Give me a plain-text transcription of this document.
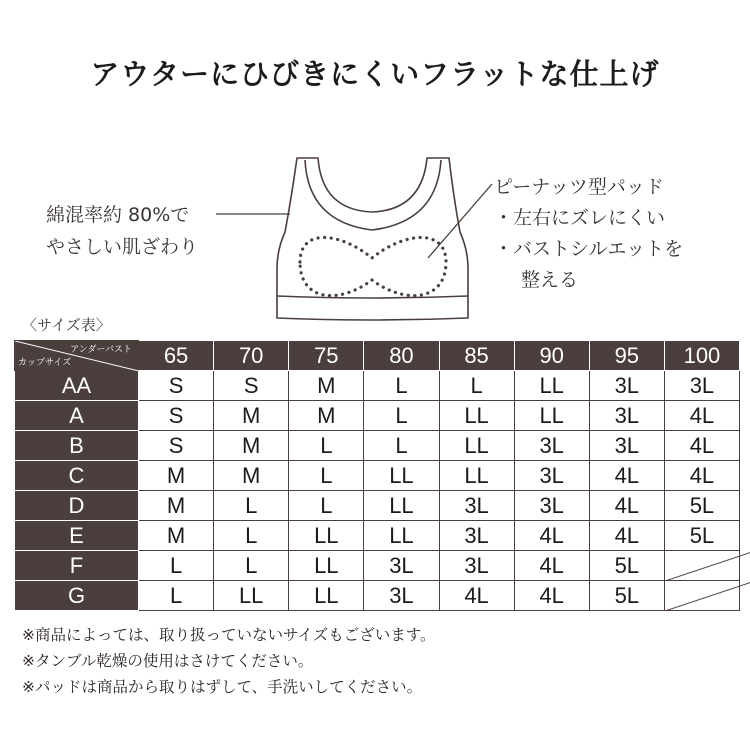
アウターにひびきにくいフラットな仕上げ
綿混率約 80%で
やさしい肌ざわり
ピーナッツ型パッド
・左右にズレにくい
・バストシルエットを
整える
〈サイズ表〉
アンダーバスト
カップサイズ	65	70	75	80	85	90	95	100
AA	S	S	M	L	L	LL	3L	3L
A	S	M	M	L	LL	LL	3L	4L
B	S	M	L	L	LL	3L	3L	4L
C	M	M	L	LL	LL	3L	4L	4L
D	M	L	L	LL	3L	3L	4L	5L
E	M	L	LL	LL	3L	4L	4L	5L
F	L	L	LL	3L	3L	4L	5L	

G	L	LL	LL	3L	4L	4L	5L	
※商品によっては、取り扱っていないサイズもございます。
※タンブル乾燥の使用はさけてください。
※パッドは商品から取りはずして、手洗いしてください。
